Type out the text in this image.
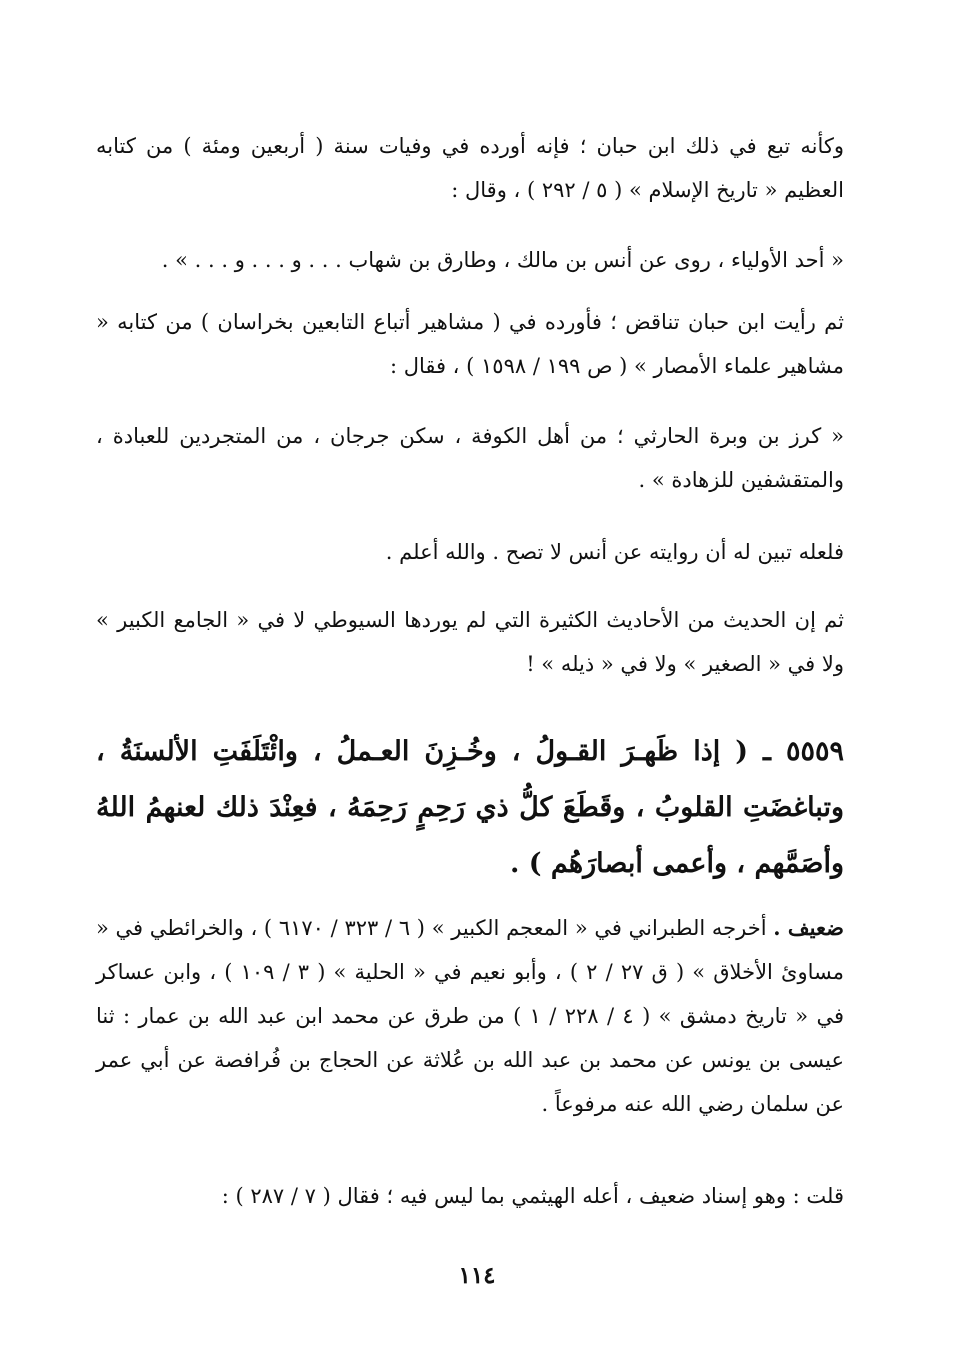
وكأنه تبع في ذلك ابن حبان ؛ فإنه أورده في وفيات سنة ( أربعين ومئة ) من كتابه العظيم « تاريخ الإسلام » ( ٥ / ٢٩٢ ) ، وقال :

« أحد الأولياء ، روى عن أنس بن مالك ، وطارق بن شهاب . . . و . . . و . . . » .

ثم رأيت ابن حبان تناقض ؛ فأورده في ( مشاهير أتباع التابعين بخراسان ) من كتابه « مشاهير علماء الأمصار » ( ص ١٩٩ / ١٥٩٨ ) ، فقال :

« كرز بن وبرة الحارثي ؛ من أهل الكوفة ، سكن جرجان ، من المتجردين للعبادة ، والمتقشفين للزهادة » .

فلعله تبين له أن روايته عن أنس لا تصح . والله أعلم .

ثم إن الحديث من الأحاديث الكثيرة التي لم يوردها السيوطي لا في « الجامع الكبير » ولا في « الصغير » ولا في « ذيله » !

٥٥٥٩ ـ ( إذا ظَهـرَ القـولُ ، وخُـزِنَ العـملُ ، وائْتَلَفَتِ الألسنَةُ ، وتباغضَتِ القلوبُ ، وقَطَعَ كلُّ ذي رَحِمٍ رَحِمَهُ ، فعِنْدَ ذلك لعنهمُ اللهُ وأصَمَّهم ، وأعمى أبصارَهُم ) .

ضعيف . أخرجه الطبراني في « المعجم الكبير » ( ٦ / ٣٢٣ / ٦١٧٠ ) ، والخرائطي في « مساوئ الأخلاق » ( ق ٢٧ / ٢ ) ، وأبو نعيم في « الحلية » ( ٣ / ١٠٩ ) ، وابن عساكر في « تاريخ دمشق » ( ٤ / ٢٢٨ / ١ ) من طرق عن محمد ابن عبد الله بن عمار : ثنا عيسى بن يونس عن محمد بن عبد الله بن عُلاثة عن الحجاج بن فُرافصة عن أبي عمر عن سلمان رضي الله عنه مرفوعاً .

قلت : وهو إسناد ضعيف ، أعله الهيثمي بما ليس فيه ؛ فقال ( ٧ / ٢٨٧ ) :

١١٤
